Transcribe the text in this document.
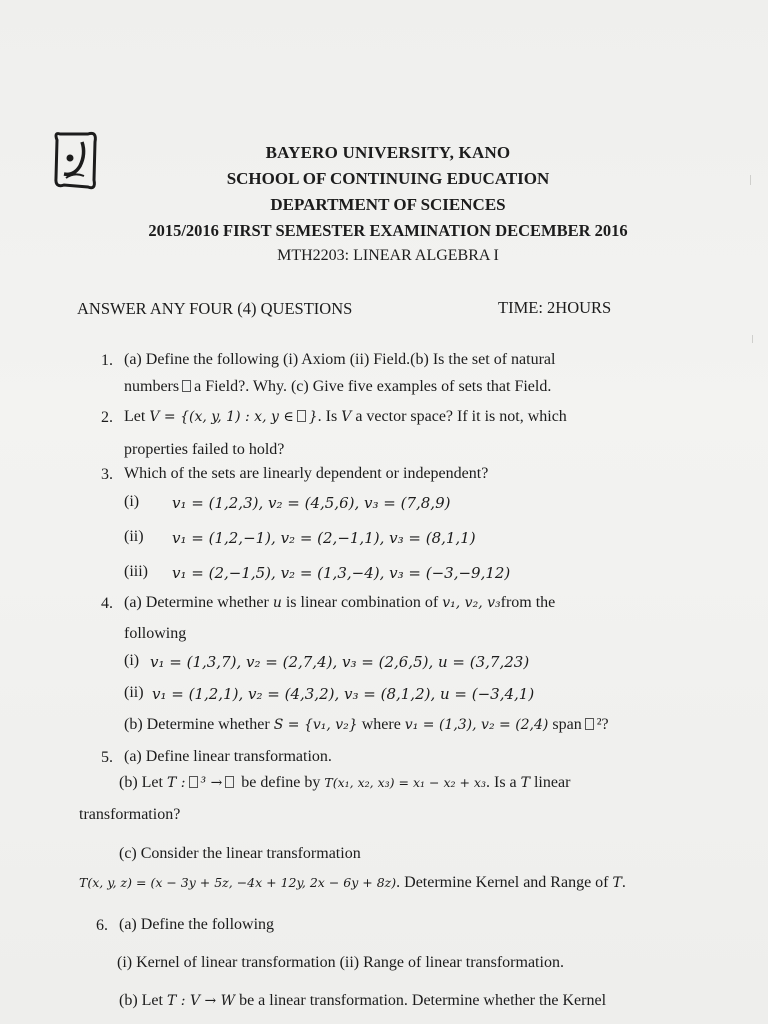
BAYERO UNIVERSITY, KANO
SCHOOL OF CONTINUING EDUCATION
DEPARTMENT OF SCIENCES
2015/2016 FIRST SEMESTER EXAMINATION DECEMBER 2016
MTH2203: LINEAR ALGEBRA I
ANSWER ANY FOUR (4) QUESTIONS	TIME: 2HOURS
1. (a) Define the following (i) Axiom (ii) Field.(b) Is the set of natural
numbers a Field?. Why. (c) Give five examples of sets that Field.
2. Let V = {(x, y, 1) : x, y ∈ }. Is V a vector space? If it is not, which
properties failed to hold?
3. Which of the sets are linearly dependent or independent?
(i) v₁ = (1,2,3), v₂ = (4,5,6), v₃ = (7,8,9)
(ii) v₁ = (1,2,−1), v₂ = (2,−1,1), v₃ = (8,1,1)
(iii) v₁ = (2,−1,5), v₂ = (1,3,−4), v₃ = (−3,−9,12)
4. (a) Determine whether u is linear combination of v₁, v₂, v₃from the
following
(i) v₁ = (1,3,7), v₂ = (2,7,4), v₃ = (2,6,5), u = (3,7,23)
(ii) v₁ = (1,2,1), v₂ = (4,3,2), v₃ = (8,1,2), u = (−3,4,1)
(b) Determine whether S = {v₁, v₂} where v₁ = (1,3), v₂ = (2,4) span ²?
5. (a) Define linear transformation.
(b) Let T : ³ → be define by T(x₁, x₂, x₃) = x₁ − x₂ + x₃. Is a T linear
transformation?
(c) Consider the linear transformation
T(x, y, z) = (x − 3y + 5z, −4x + 12y, 2x − 6y + 8z). Determine Kernel and Range of T.
6. (a) Define the following
(i) Kernel of linear transformation (ii) Range of linear transformation.
(b) Let T : V → W be a linear transformation. Determine whether the Kernel
